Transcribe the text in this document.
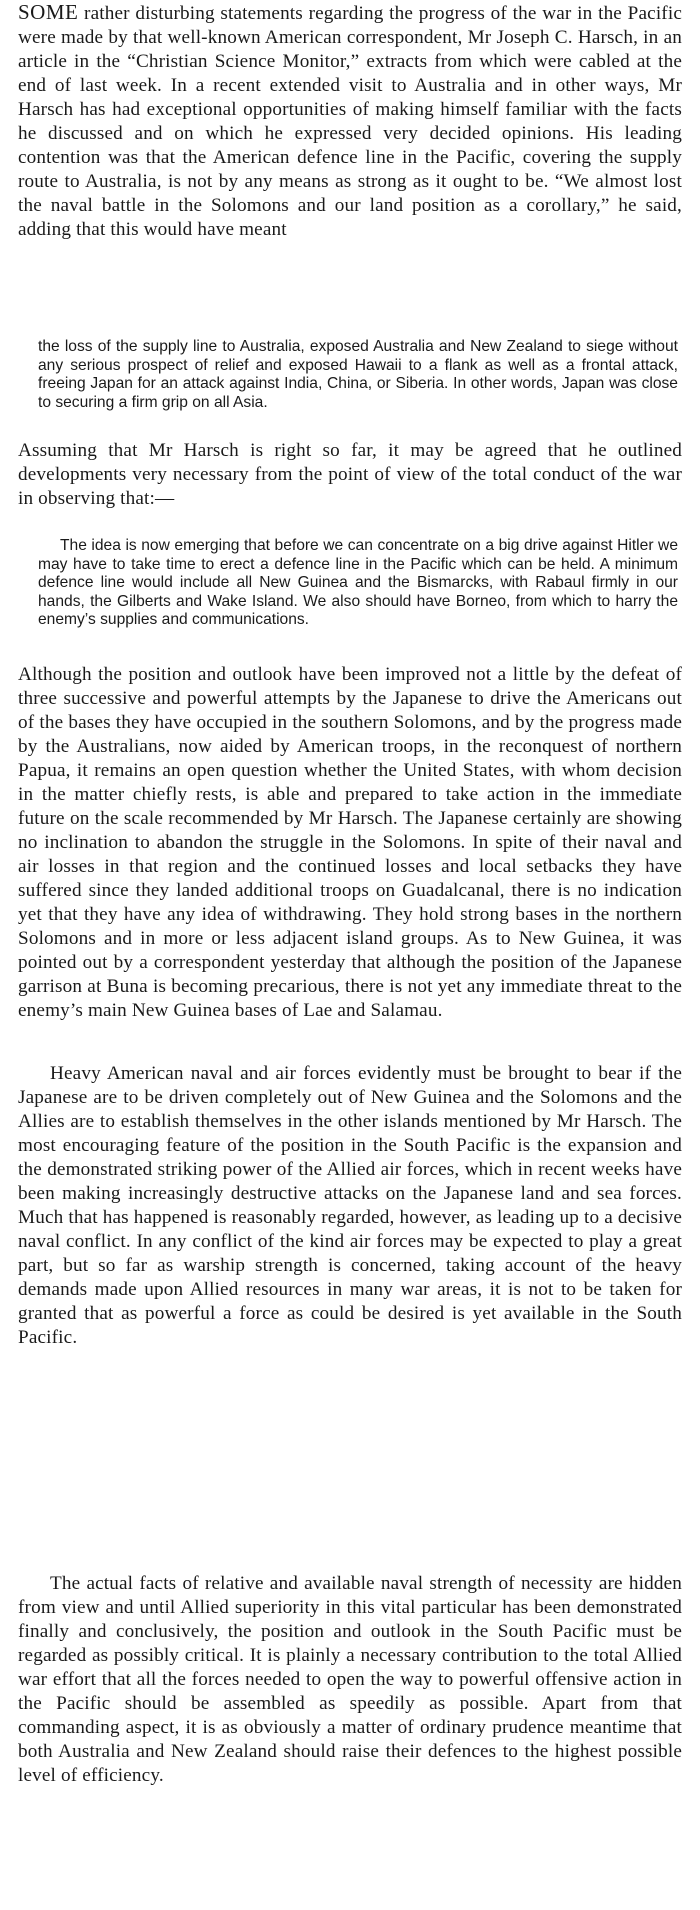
SOME rather disturbing statements regarding the progress of the war in the Pacific were made by that well-known American correspondent, Mr Joseph C. Harsch, in an article in the “Christian Science Monitor,” extracts from which were cabled at the end of last week. In a recent extended visit to Australia and in other ways, Mr Harsch has had exceptional opportunities of making himself familiar with the facts he discussed and on which he expressed very decided opinions. His leading contention was that the American defence line in the Pacific, covering the supply route to Australia, is not by any means as strong as it ought to be. “We almost lost the naval battle in the Solomons and our land position as a corollary,” he said, adding that this would have meant

the loss of the supply line to Australia, exposed Australia and New Zealand to siege without any serious prospect of relief and exposed Hawaii to a flank as well as a frontal attack, freeing Japan for an attack against India, China, or Siberia. In other words, Japan was close to securing a firm grip on all Asia.

Assuming that Mr Harsch is right so far, it may be agreed that he outlined developments very necessary from the point of view of the total conduct of the war in observing that:—

The idea is now emerging that before we can concentrate on a big drive against Hitler we may have to take time to erect a defence line in the Pacific which can be held. A minimum defence line would include all New Guinea and the Bismarcks, with Rabaul firmly in our hands, the Gilberts and Wake Island. We also should have Borneo, from which to harry the enemy’s supplies and communications.

Although the position and outlook have been improved not a little by the defeat of three successive and powerful attempts by the Japanese to drive the Americans out of the bases they have occupied in the southern Solomons, and by the progress made by the Australians, now aided by American troops, in the reconquest of northern Papua, it remains an open question whether the United States, with whom decision in the matter chiefly rests, is able and prepared to take action in the immediate future on the scale recommended by Mr Harsch. The Japanese certainly are showing no inclination to abandon the struggle in the Solomons. In spite of their naval and air losses in that region and the continued losses and local setbacks they have suffered since they landed additional troops on Guadalcanal, there is no indication yet that they have any idea of withdrawing. They hold strong bases in the northern Solomons and in more or less adjacent island groups. As to New Guinea, it was pointed out by a correspondent yesterday that although the position of the Japanese garrison at Buna is becoming precarious, there is not yet any immediate threat to the enemy’s main New Guinea bases of Lae and Salamau.

Heavy American naval and air forces evidently must be brought to bear if the Japanese are to be driven completely out of New Guinea and the Solomons and the Allies are to establish themselves in the other islands mentioned by Mr Harsch. The most encouraging feature of the position in the South Pacific is the expansion and the demonstrated striking power of the Allied air forces, which in recent weeks have been making increasingly destructive attacks on the Japanese land and sea forces. Much that has happened is reasonably regarded, however, as leading up to a decisive naval conflict. In any conflict of the kind air forces may be expected to play a great part, but so far as warship strength is concerned, taking account of the heavy demands made upon Allied resources in many war areas, it is not to be taken for granted that as powerful a force as could be desired is yet available in the South Pacific.

The actual facts of relative and available naval strength of necessity are hidden from view and until Allied superiority in this vital particular has been demonstrated finally and conclusively, the position and outlook in the South Pacific must be regarded as possibly critical. It is plainly a necessary contribution to the total Allied war effort that all the forces needed to open the way to powerful offensive action in the Pacific should be assembled as speedily as possible. Apart from that commanding aspect, it is as obviously a matter of ordinary prudence meantime that both Australia and New Zealand should raise their defences to the highest possible level of efficiency.
